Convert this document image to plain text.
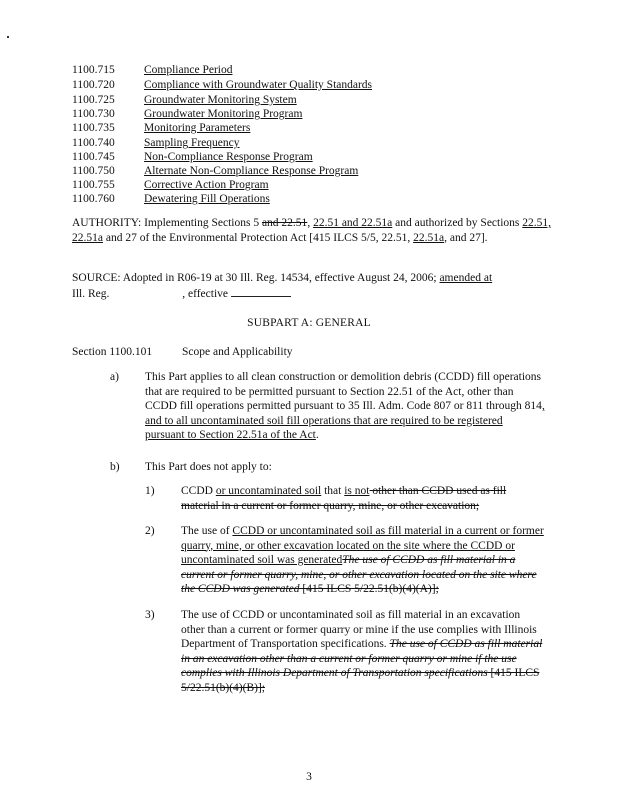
1100.715	Compliance Period
1100.720	Compliance with Groundwater Quality Standards
1100.725	Groundwater Monitoring System
1100.730	Groundwater Monitoring Program
1100.735	Monitoring Parameters
1100.740	Sampling Frequency
1100.745	Non-Compliance Response Program
1100.750	Alternate Non-Compliance Response Program
1100.755	Corrective Action Program
1100.760	Dewatering Fill Operations
AUTHORITY: Implementing Sections 5 and 22.51, 22.51 and 22.51a and authorized by Sections 22.51, 22.51a and 27 of the Environmental Protection Act [415 ILCS 5/5, 22.51, 22.51a, and 27].
SOURCE: Adopted in R06-19 at 30 Ill. Reg. 14534, effective August 24, 2006; amended at
Ill. Reg.	, effective
SUBPART A: GENERAL
Section 1100.101	Scope and Applicability
a) This Part applies to all clean construction or demolition debris (CCDD) fill operations that are required to be permitted pursuant to Section 22.51 of the Act, other than CCDD fill operations permitted pursuant to 35 Ill. Adm. Code 807 or 811 through 814, and to all uncontaminated soil fill operations that are required to be registered pursuant to Section 22.51a of the Act.
b) This Part does not apply to:
1) CCDD or uncontaminated soil that is not other than CCDD used as fill material in a current or former quarry, mine, or other excavation;
2) The use of CCDD or uncontaminated soil as fill material in a current or former quarry, mine, or other excavation located on the site where the CCDD or uncontaminated soil was generatedThe use of CCDD as fill material in a current or former quarry, mine, or other excavation located on the site where the CCDD was generated [415 ILCS 5/22.51(b)(4)(A)];
3) The use of CCDD or uncontaminated soil as fill material in an excavation other than a current or former quarry or mine if the use complies with Illinois Department of Transportation specifications. The use of CCDD as fill material in an excavation other than a current or former quarry or mine if the use complies with Illinois Department of Transportation specifications [415 ILCS 5/22.51(b)(4)(B)];
3
